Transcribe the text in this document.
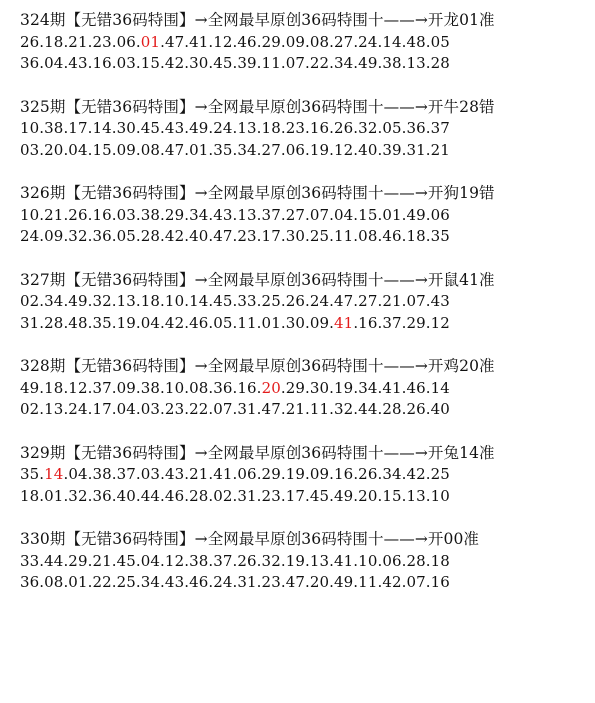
324期【无错36码特围】→全网最早原创36码特围十——→开龙01准
26.18.21.23.06.01.47.41.12.46.29.09.08.27.24.14.48.05
36.04.43.16.03.15.42.30.45.39.11.07.22.34.49.38.13.28
325期【无错36码特围】→全网最早原创36码特围十——→开牛28错
10.38.17.14.30.45.43.49.24.13.18.23.16.26.32.05.36.37
03.20.04.15.09.08.47.01.35.34.27.06.19.12.40.39.31.21
326期【无错36码特围】→全网最早原创36码特围十——→开狗19错
10.21.26.16.03.38.29.34.43.13.37.27.07.04.15.01.49.06
24.09.32.36.05.28.42.40.47.23.17.30.25.11.08.46.18.35
327期【无错36码特围】→全网最早原创36码特围十——→开鼠41准
02.34.49.32.13.18.10.14.45.33.25.26.24.47.27.21.07.43
31.28.48.35.19.04.42.46.05.11.01.30.09.41.16.37.29.12
328期【无错36码特围】→全网最早原创36码特围十——→开鸡20准
49.18.12.37.09.38.10.08.36.16.20.29.30.19.34.41.46.14
02.13.24.17.04.03.23.22.07.31.47.21.11.32.44.28.26.40
329期【无错36码特围】→全网最早原创36码特围十——→开兔14准
35.14.04.38.37.03.43.21.41.06.29.19.09.16.26.34.42.25
18.01.32.36.40.44.46.28.02.31.23.17.45.49.20.15.13.10
330期【无错36码特围】→全网最早原创36码特围十——→开00准
33.44.29.21.45.04.12.38.37.26.32.19.13.41.10.06.28.18
36.08.01.22.25.34.43.46.24.31.23.47.20.49.11.42.07.16
